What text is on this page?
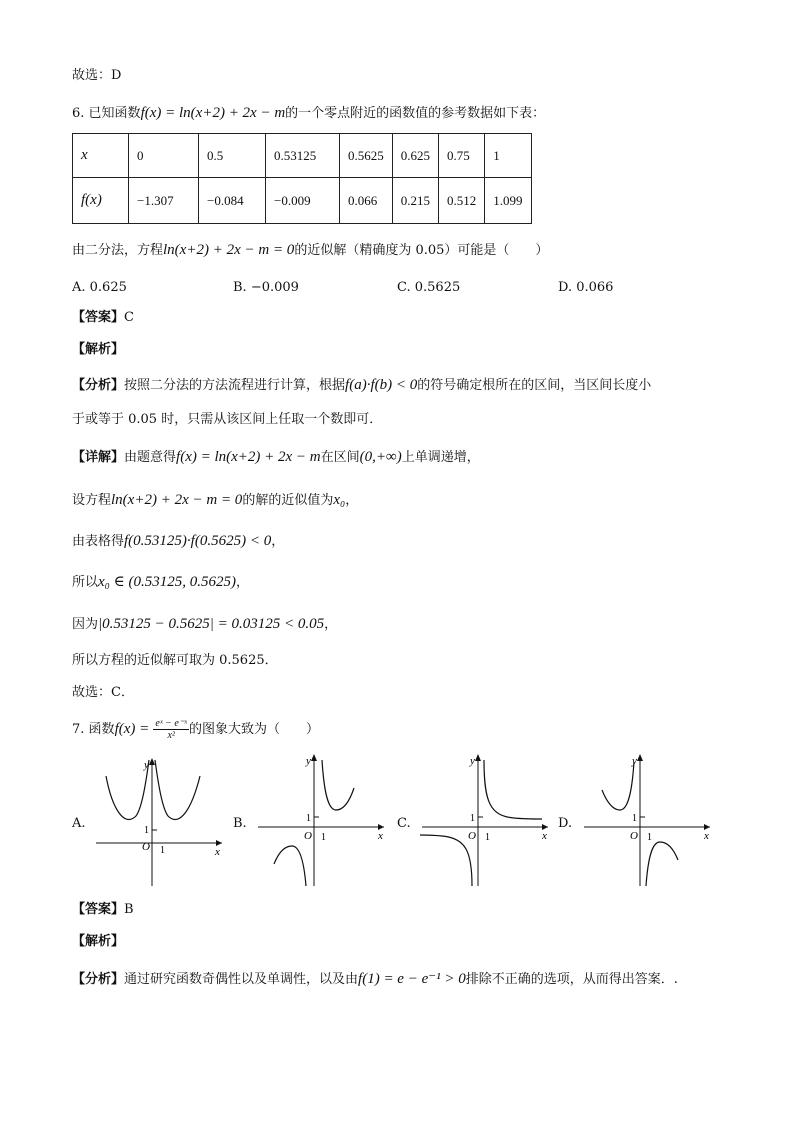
故选：D
6. 已知函数f(x) = ln(x+2) + 2x − m的一个零点附近的函数值的参考数据如下表：
x	0	0.5	0.53125	0.5625	0.625	0.75	1
f(x)	−1.307	−0.084	−0.009	0.066	0.215	0.512	1.099
由二分法，方程ln(x+2) + 2x − m = 0的近似解（精确度为 0.05）可能是（　　）
A. 0.625	B. −0.009	C. 0.5625	D. 0.066
【答案】C
【解析】
【分析】按照二分法的方法流程进行计算，根据f(a)·f(b) < 0的符号确定根所在的区间，当区间长度小
于或等于 0.05 时，只需从该区间上任取一个数即可．
【详解】由题意得f(x) = ln(x+2) + 2x − m在区间(0,+∞)上单调递增，
设方程ln(x+2) + 2x − m = 0的解的近似值为x₀，
由表格得f(0.53125)·f(0.5625) < 0，
所以x₀ ∈ (0.53125, 0.5625)，
因为|0.53125 − 0.5625| = 0.03125 < 0.05，
所以方程的近似解可取为 0.5625．
故选：C．
7. 函数$f(x) = \frac{\text{eˣ − e⁻ˣ}}{\text{x²}}$ 的图象大致为（　　）
A.	B.	C.	D.
y
x
O
1
1
y
x
O
1
1
y
x
O
1
1
y
x
O
1
1
【答案】B
【解析】
【分析】通过研究函数奇偶性以及单调性，以及由f(1) = e − e⁻¹ > 0排除不正确的选项，从而得出答案．.
